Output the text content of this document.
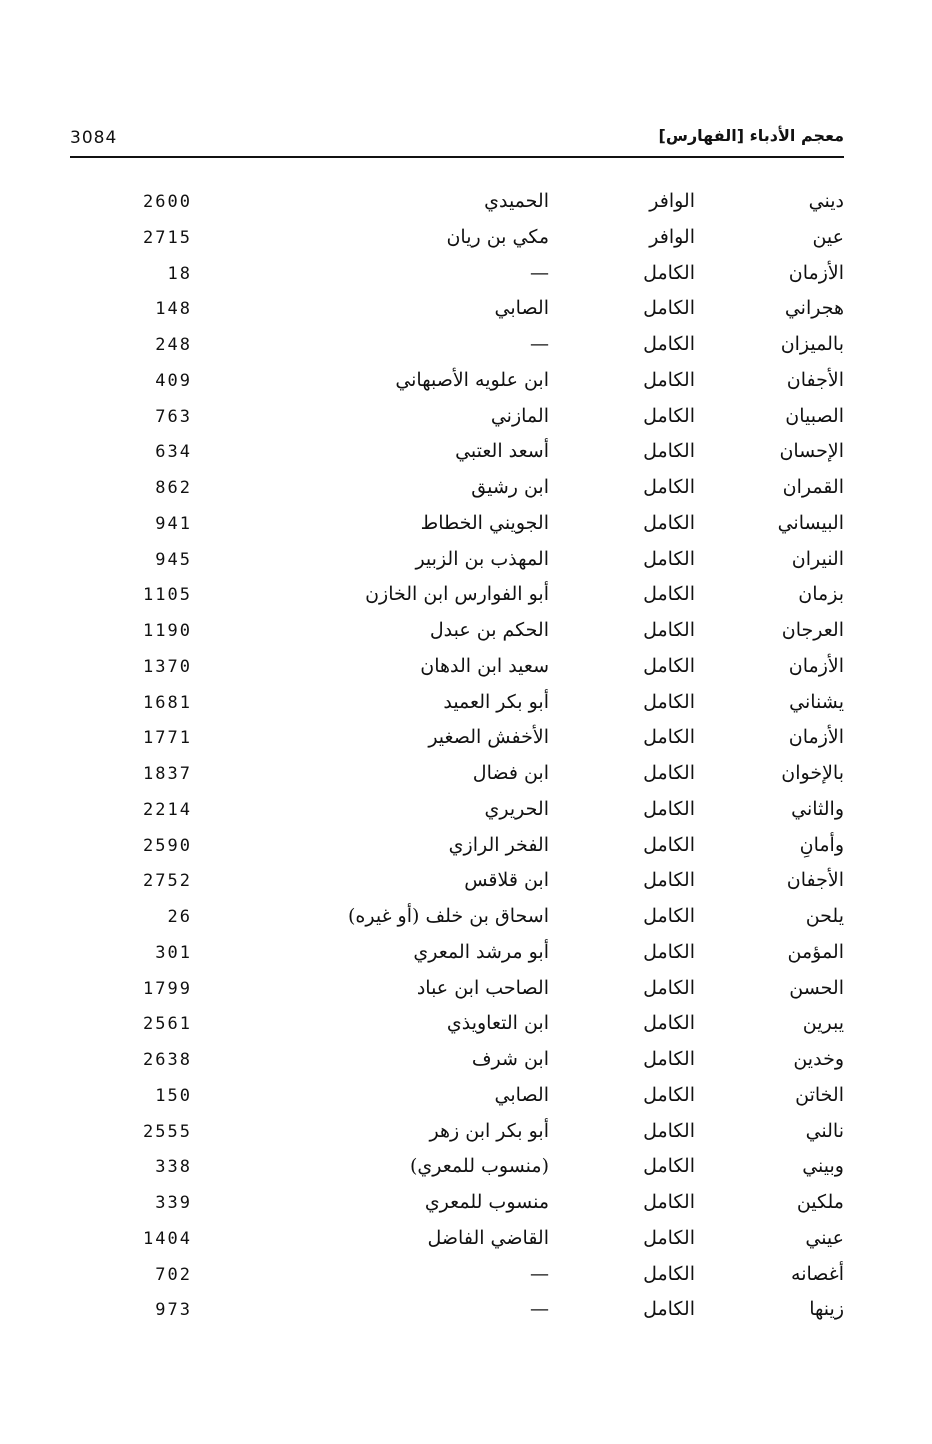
3084	معجم الأدباء [الفهارس]
ديني
الوافر
الحميدي
2600
عين
الوافر
مكي بن ريان
2715
الأزمان
الكامل
—
18
هجراني
الكامل
الصابي
148
بالميزان
الكامل
—
248
الأجفان
الكامل
ابن علويه الأصبهاني
409
الصبيان
الكامل
المازني
763
الإحسان
الكامل
أسعد العتبي
634
القمران
الكامل
ابن رشيق
862
البيساني
الكامل
الجويني الخطاط
941
النيران
الكامل
المهذب بن الزبير
945
بزمان
الكامل
أبو الفوارس ابن الخازن
1105
العرجان
الكامل
الحكم بن عبدل
1190
الأزمان
الكامل
سعيد ابن الدهان
1370
يشناني
الكامل
أبو بكر العميد
1681
الأزمان
الكامل
الأخفش الصغير
1771
بالإخوان
الكامل
ابن فضال
1837
والثاني
الكامل
الحريري
2214
وأمانِ
الكامل
الفخر الرازي
2590
الأجفان
الكامل
ابن قلاقس
2752
يلحن
الكامل
اسحاق بن خلف (أو غيره)
26
المؤمن
الكامل
أبو مرشد المعري
301
الحسن
الكامل
الصاحب ابن عباد
1799
يبرين
الكامل
ابن التعاويذي
2561
وخدين
الكامل
ابن شرف
2638
الخاتن
الكامل
الصابي
150
نالني
الكامل
أبو بكر ابن زهر
2555
وبيني
الكامل
(منسوب للمعري)
338
ملكين
الكامل
منسوب للمعري
339
عيني
الكامل
القاضي الفاضل
1404
أغصانه
الكامل
—
702
زينها
الكامل
—
973
